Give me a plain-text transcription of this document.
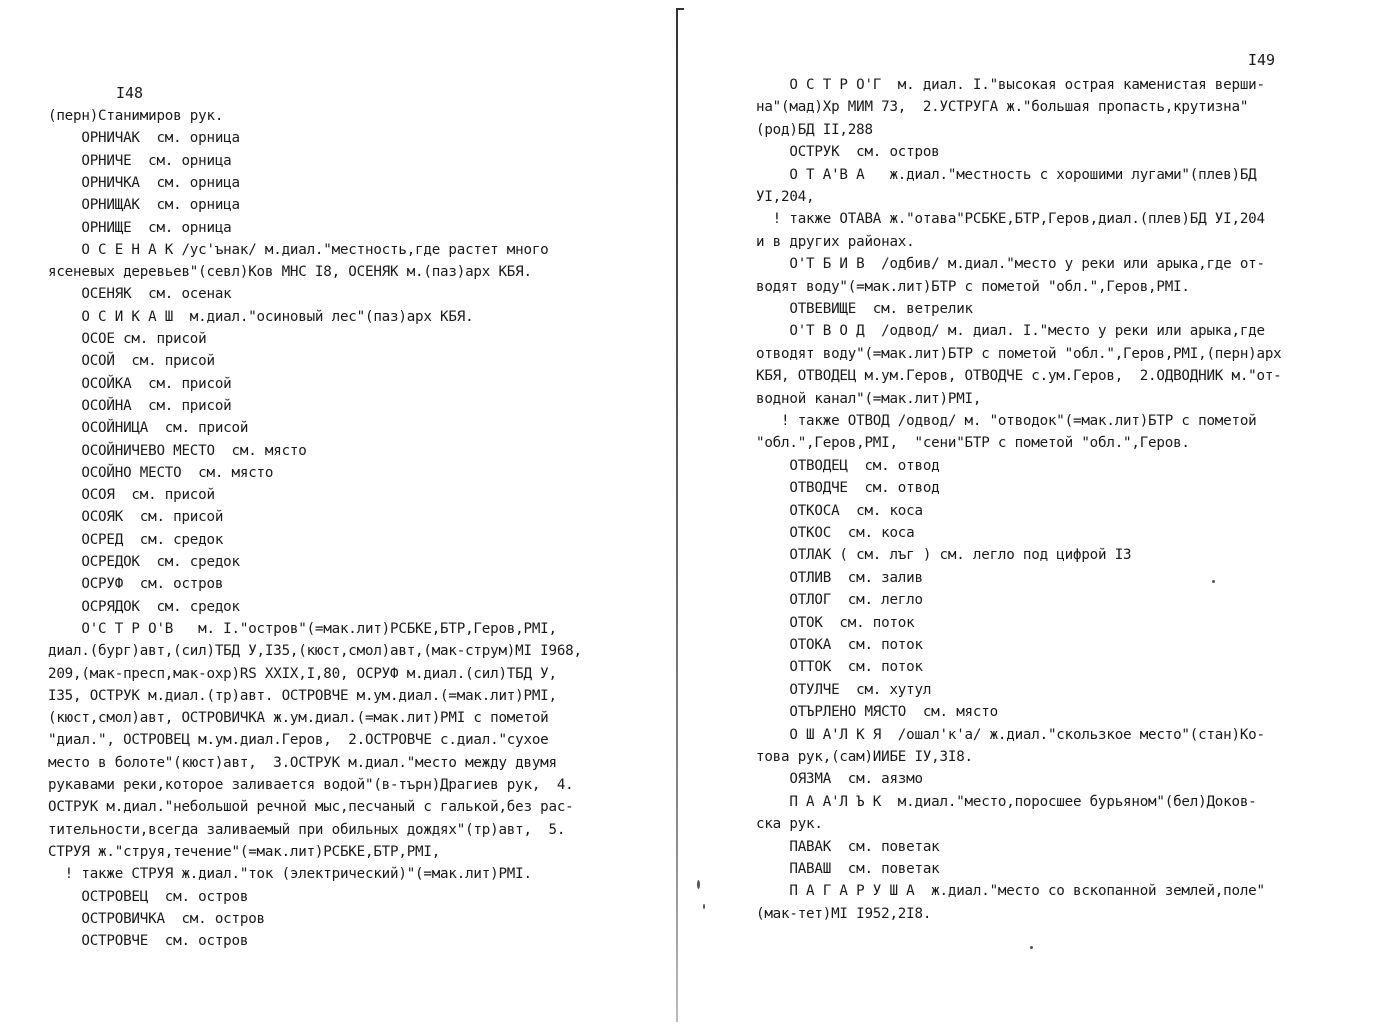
I48
(перн)Станимиров рук.
ОРНИЧАК  см. орница
ОРНИЧЕ  см. орница
ОРНИЧКА  см. орница
ОРНИЩАК  см. орница
ОРНИЩЕ  см. орница
О С Е Н А К /ус'ънак/ м.диал."местность,где растет много
ясеневых деревьев"(севл)Ков МНС I8, ОСЕНЯК м.(паз)арх КБЯ.
ОСЕНЯК  см. осенак
О С И К А Ш  м.диал."осиновый лес"(паз)арх КБЯ.
ОСОЕ см. присой
ОСОЙ  см. присой
ОСОЙКА  см. присой
ОСОЙНА  см. присой
ОСОЙНИЦА  см. присой
ОСОЙНИЧЕВО МЕСТО  см. място
ОСОЙНО МЕСТО  см. място
ОСОЯ  см. присой
ОСОЯК  см. присой
ОСРЕД  см. средок
ОСРЕДОК  см. средок
ОСРУФ  см. остров
ОСРЯДОК  см. средок
О'С Т Р О'В   м. I."остров"(=мак.лит)РСБКЕ,БТР,Геров,РМI,
диал.(бург)авт,(сил)ТБД У,I35,(кюст,смол)авт,(мак-струм)МI I968,
209,(мак-пресп,мак-охр)RS XXIX,I,80, ОСРУФ м.диал.(сил)ТБД У,
I35, ОСТРУК м.диал.(тр)авт. ОСТРОВЧЕ м.ум.диал.(=мак.лит)РМI,
(кюст,смол)авт, ОСТРОВИЧКА ж.ум.диал.(=мак.лит)РМI с пометой
"диал.", ОСТРОВЕЦ м.ум.диал.Геров,  2.ОСТРОВЧЕ с.диал."сухое
место в болоте"(кюст)авт,  3.ОСТРУК м.диал."место между двумя
рукавами реки,которое заливается водой"(в-търн)Драгиев рук,  4.
ОСТРУК м.диал."небольшой речной мыс,песчаный с галькой,без рас-
тительности,всегда заливаемый при обильных дождях"(тр)авт,  5.
СТРУЯ ж."струя,течение"(=мак.лит)РСБКЕ,БТР,РМI,
! также СТРУЯ ж.диал."ток (электрический)"(=мак.лит)РМI.
ОСТРОВЕЦ  см. остров
ОСТРОВИЧКА  см. остров
ОСТРОВЧЕ  см. остров
I49
О С Т Р О'Г  м. диал. I."высокая острая каменистая верши-
на"(мад)Хр МИМ 73,  2.УСТРУГА ж."большая пропасть,крутизна"
(род)БД II,288
ОСТРУК  см. остров
О Т А'В А   ж.диал."местность с хорошими лугами"(плев)БД
УI,204,
! также ОТАВА ж."отава"РСБКЕ,БТР,Геров,диал.(плев)БД УI,204
и в других районах.
О'Т Б И В  /одбив/ м.диал."место у реки или арыка,где от-
водят воду"(=мак.лит)БТР с пометой "обл.",Геров,РМI.
ОТВЕВИЩЕ  см. ветрелик
О'Т В О Д  /одвод/ м. диал. I."место у реки или арыка,где
отводят воду"(=мак.лит)БТР с пометой "обл.",Геров,РМI,(перн)арх
КБЯ, ОТВОДЕЦ м.ум.Геров, ОТВОДЧЕ с.ум.Геров,  2.ОДВОДНИК м."от-
водной канал"(=мак.лит)РМI,
! также ОТВОД /одвод/ м. "отводок"(=мак.лит)БТР с пометой
"обл.",Геров,РМI,  "сени"БТР с пометой "обл.",Геров.
ОТВОДЕЦ  см. отвод
ОТВОДЧЕ  см. отвод
ОТКОСА  см. коса
ОТКОС  см. коса
ОТЛАК ( см. лъг ) см. легло под цифрой I3
ОТЛИВ  см. залив
ОТЛОГ  см. легло
ОТОК  см. поток
ОТОКА  см. поток
ОТТОК  см. поток
ОТУЛЧЕ  см. хутул
ОТЪРЛЕНО МЯСТО  см. място
О Ш А'Л К Я  /ошал'к'а/ ж.диал."скользкое место"(стан)Ко-
това рук,(сам)ИИБЕ IУ,3I8.
ОЯЗМА  см. аязмо
П А А'Л Ъ К  м.диал."место,поросшее бурьяном"(бел)Доков-
ска рук.
ПАВАК  см. поветак
ПАВАШ  см. поветак
П А Г А Р У Ш А  ж.диал."место со вскопанной землей,поле"
(мак-тет)МI I952,2I8.
